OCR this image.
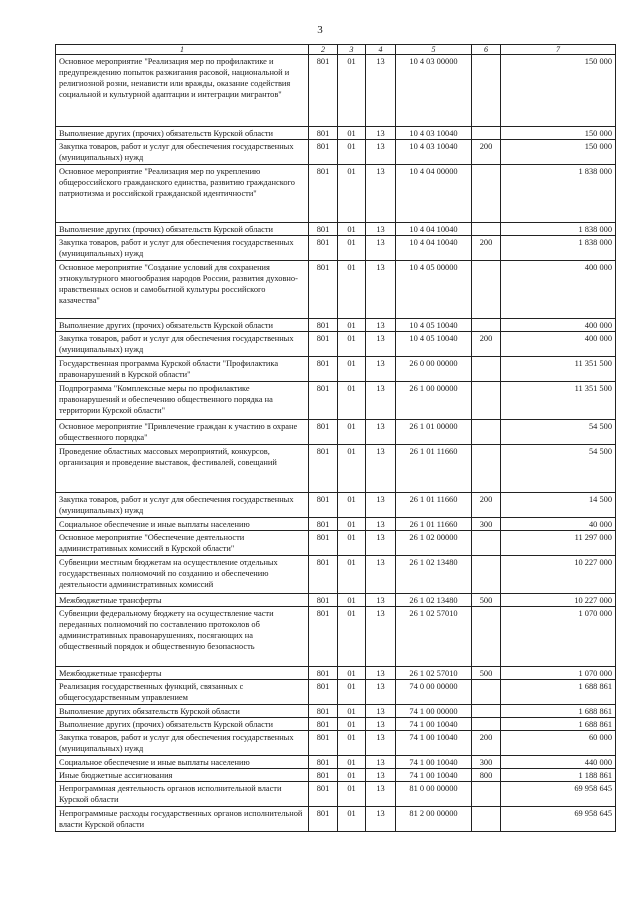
3
1	2	3	4	5	6	7
Основное мероприятие "Реализация мер по профилактике и предупреждению попыток разжигания расовой, национальной и религиозной розни, ненависти или вражды, оказание содействия социальной и культурной адаптации и интеграции мигрантов"	801	01	13	10 4 03 00000		150 000
Выполнение других (прочих) обязательств Курской области	801	01	13	10 4 03 10040		150 000
Закупка товаров, работ и услуг для обеспечения государственных (муниципальных) нужд	801	01	13	10 4 03 10040	200	150 000
Основное мероприятие "Реализация мер по укреплению общероссийского гражданского единства, развитию гражданского патриотизма и российской гражданской идентичности"	801	01	13	10 4 04 00000		1 838 000
Выполнение других (прочих) обязательств Курской области	801	01	13	10 4 04 10040		1 838 000
Закупка товаров, работ и услуг для обеспечения государственных (муниципальных) нужд	801	01	13	10 4 04 10040	200	1 838 000
Основное мероприятие "Создание условий для сохранения этнокультурного многообразия народов России, развития духовно-нравственных основ и самобытной культуры российского казачества"	801	01	13	10 4 05 00000		400 000
Выполнение других (прочих) обязательств Курской области	801	01	13	10 4 05 10040		400 000
Закупка товаров, работ и услуг для обеспечения государственных (муниципальных) нужд	801	01	13	10 4 05 10040	200	400 000
Государственная программа Курской области "Профилактика правонарушений в Курской области"	801	01	13	26 0 00 00000		11 351 500
Подпрограмма "Комплексные меры по профилактике правонарушений и обеспечению общественного порядка на территории Курской области"	801	01	13	26 1 00 00000		11 351 500
Основное мероприятие "Привлечение граждан к участию в охране общественного порядка"	801	01	13	26 1 01 00000		54 500
Проведение областных массовых мероприятий, конкурсов, организация и проведение выставок, фестивалей, совещаний	801	01	13	26 1 01 11660		54 500
Закупка товаров, работ и услуг для обеспечения государственных (муниципальных) нужд	801	01	13	26 1 01 11660	200	14 500
Социальное обеспечение и иные выплаты населению	801	01	13	26 1 01 11660	300	40 000
Основное мероприятие "Обеспечение деятельности административных комиссий в Курской области"	801	01	13	26 1 02 00000		11 297 000
Субвенции местным бюджетам на осуществление отдельных государственных полномочий по созданию и обеспечению деятельности административных комиссий	801	01	13	26 1 02 13480		10 227 000
Межбюджетные трансферты	801	01	13	26 1 02 13480	500	10 227 000
Субвенции федеральному бюджету на осуществление части переданных полномочий по составлению протоколов об административных правонарушениях, посягающих на общественный порядок и общественную безопасность	801	01	13	26 1 02 57010		1 070 000
Межбюджетные трансферты	801	01	13	26 1 02 57010	500	1 070 000
Реализация государственных функций, связанных с общегосударственным управлением	801	01	13	74 0 00 00000		1 688 861
Выполнение других обязательств Курской области	801	01	13	74 1 00 00000		1 688 861
Выполнение других (прочих) обязательств Курской области	801	01	13	74 1 00 10040		1 688 861
Закупка товаров, работ и услуг для обеспечения государственных (муниципальных) нужд	801	01	13	74 1 00 10040	200	60 000
Социальное обеспечение и иные выплаты населению	801	01	13	74 1 00 10040	300	440 000
Иные бюджетные ассигнования	801	01	13	74 1 00 10040	800	1 188 861
Непрограммная деятельность органов исполнительной власти Курской области	801	01	13	81 0 00 00000		69 958 645
Непрограммные расходы государственных органов исполнительной власти Курской области	801	01	13	81 2 00 00000		69 958 645
